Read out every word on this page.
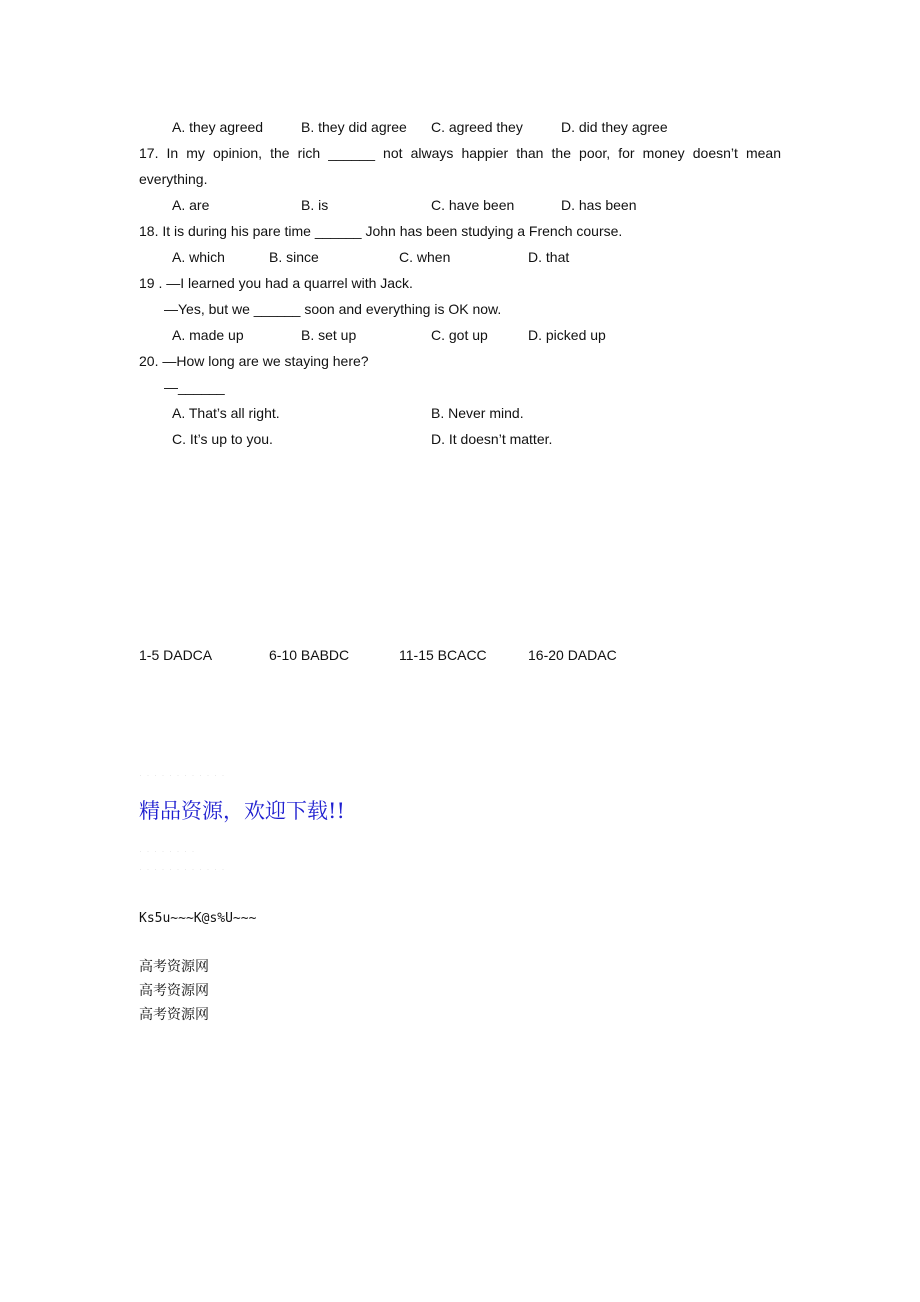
A. they agreed	B. they did agree C. agreed they	D. did they agree
17. In my opinion, the rich ______ not always happier than the poor, for money doesn’t mean
everything.
A. are	B. is	C. have been	D. has been
18. It is during his pare time ______ John has been studying a French course.
A. which	B. since	C. when	D. that
19 . —I learned you had a quarrel with Jack.
—Yes, but we ______ soon and everything is OK now.
A. made up	B. set up	C. got up	D. picked up
20. —How long are we staying here?
—______
A. That’s all right.	B. Never mind.
C. It’s up to you.	D. It doesn’t matter.
1-5 DADCA	6-10 BABDC	11-15 BCACC	16-20 DADAC
· · · · · · · · · · · ·
精品资源，欢迎下载!!
· · · · · · · ·
· · · · · · · · · · · ·
Ks5u~~~K@s%U~~~
高考资源网
高考资源网
高考资源网
